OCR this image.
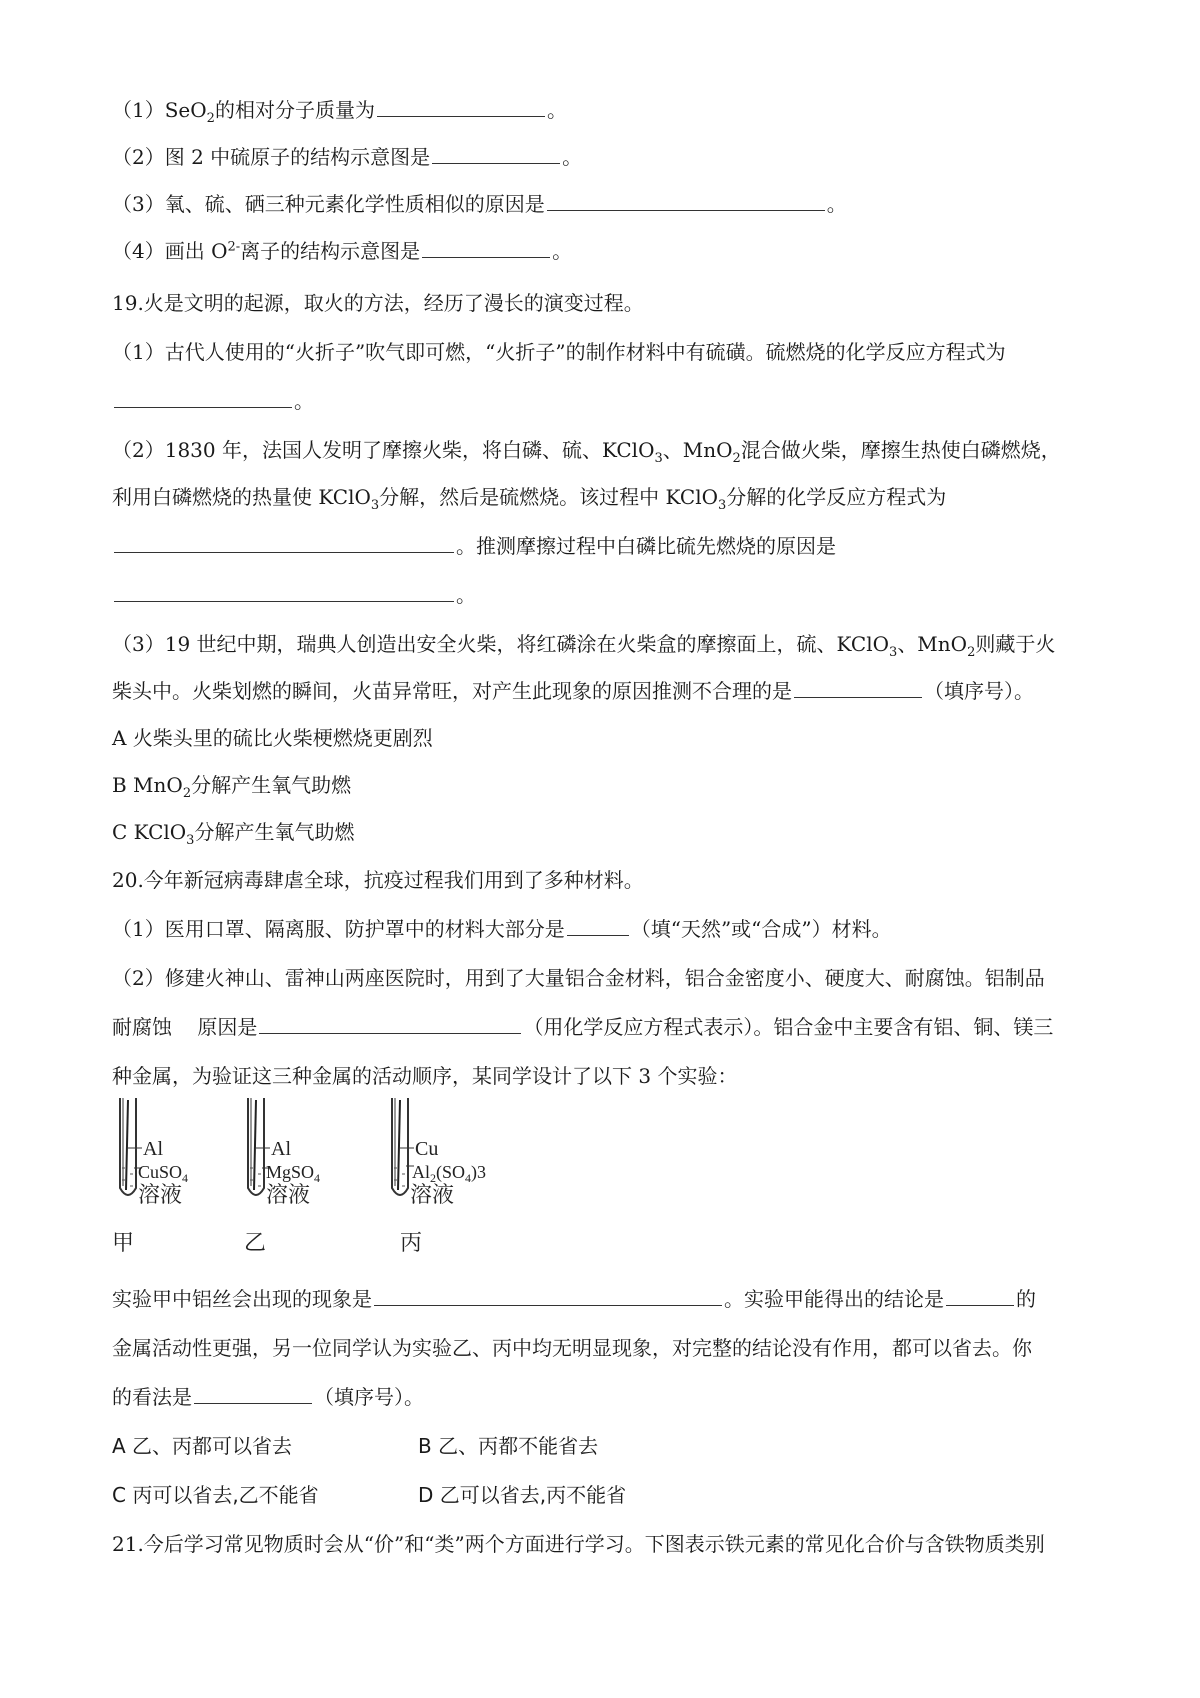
（1）SeO$_2$的相对分子质量为	。
（2）图 2 中硫原子的结构示意图是	。
（3）氧、硫、硒三种元素化学性质相似的原因是	。
（4）画出 $O^{2-}$离子的结构示意图是	。
19.火是文明的起源，取火的方法，经历了漫长的演变过程。
（1）古代人使用的“火折子”吹气即可燃，“火折子”的制作材料中有硫磺。硫燃烧的化学反应方程式为
。
（2）1830 年，法国人发明了摩擦火柴，将白磷、硫、KClO$_3$、MnO$_2$混合做火柴，摩擦生热使白磷燃烧，
利用白磷燃烧的热量使 KClO$_3$分解，然后是硫燃烧。该过程中 KClO$_3$分解的化学反应方程式为
。推测摩擦过程中白磷比硫先燃烧的原因是
。
（3）19 世纪中期，瑞典人创造出安全火柴，将红磷涂在火柴盒的摩擦面上，硫、KClO$_3$、MnO$_2$则藏于火
柴头中。火柴划燃的瞬间，火苗异常旺，对产生此现象的原因推测不合理的是	（填序号）。
A 火柴头里的硫比火柴梗燃烧更剧烈
B MnO$_2$分解产生氧气助燃
C KClO$_3$分解产生氧气助燃
20.今年新冠病毒肆虐全球，抗疫过程我们用到了多种材料。
（1）医用口罩、隔离服、防护罩中的材料大部分是	（填“天然”或“合成”）材料。
（2）修建火神山、雷神山两座医院时，用到了大量铝合金材料，铝合金密度小、硬度大、耐腐蚀。铝制品
耐腐蚀    原因是	（用化学反应方程式表示）。铝合金中主要含有铝、铜、镁三
种金属，为验证这三种金属的活动顺序，某同学设计了以下 3 个实验：
Al
CuSO$_4$
溶液
甲
Al
MgSO$_4$
溶液
乙
Cu
$Al_2(SO_4)3$
溶液
丙
实验甲中铝丝会出现的现象是	。实验甲能得出的结论是	的
金属活动性更强，另一位同学认为实验乙、丙中均无明显现象，对完整的结论没有作用，都可以省去。你
的看法是	（填序号）。
A 乙、丙都可以省去	B 乙、丙都不能省去
C 丙可以省去,乙不能省	D 乙可以省去,丙不能省
21.今后学习常见物质时会从“价”和“类”两个方面进行学习。下图表示铁元素的常见化合价与含铁物质类别
